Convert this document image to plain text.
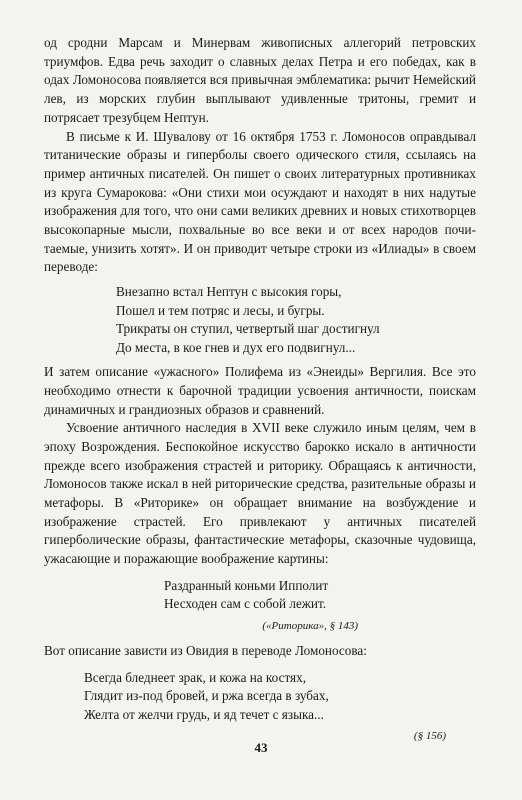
од сродни Марсам и Минервам живописных аллегорий петровских триумфов. Едва речь заходит о славных делах Петра и его победах, как в одах Ломоносова появляется вся привычная эмблематика: рычит Немейский лев, из морских глубин выплывают удивленные тритоны, гремит и потрясает трезубцем Нептун.

В письме к И. Шувалову от 16 октября 1753 г. Ломоносов оправдывал титанические образы и гиперболы своего одического стиля, ссылаясь на пример античных писателей. Он пишет о своих литературных противниках из круга Сумарокова: «Они стихи мои осуждают и находят в них надутые изображения для того, что они сами великих древних и новых стихотворцев высокопарные мысли, похвальные во все веки и от всех народов почитаемые, унизить хотят». И он приводит четыре строки из «Илиады» в своем переводе:

Внезапно встал Нептун с высокия горы,
Пошел и тем потряс и лесы, и бугры.
Трикраты он ступил, четвертый шаг достигнул
До места, в кое гнев и дух его подвигнул...

И затем описание «ужасного» Полифема из «Энеиды» Вергилия. Все это необходимо отнести к барочной традиции усвоения античности, поискам динамичных и грандиозных образов и сравнений.

Усвоение античного наследия в XVII веке служило иным целям, чем в эпоху Возрождения. Беспокойное искусство барокко искало в античности прежде всего изображения страстей и риторику. Обращаясь к античности, Ломоносов также искал в ней риторические средства, разительные образы и метафоры. В «Риторике» он обращает внимание на возбуждение и изображение страстей. Его привлекают у античных писателей гиперболические образы, фантастические метафоры, сказочные чудовища, ужасающие и поражающие воображение картины:

Раздранный коньми Ипполит
Несходен сам с собой лежит.
(«Риторика», § 143)

Вот описание зависти из Овидия в переводе Ломоносова:

Всегда бледнеет зрак, и кожа на костях,
Глядит из-под бровей, и ржа всегда в зубах,
Желта от желчи грудь, и яд течет с языка...
(§ 156)
43
